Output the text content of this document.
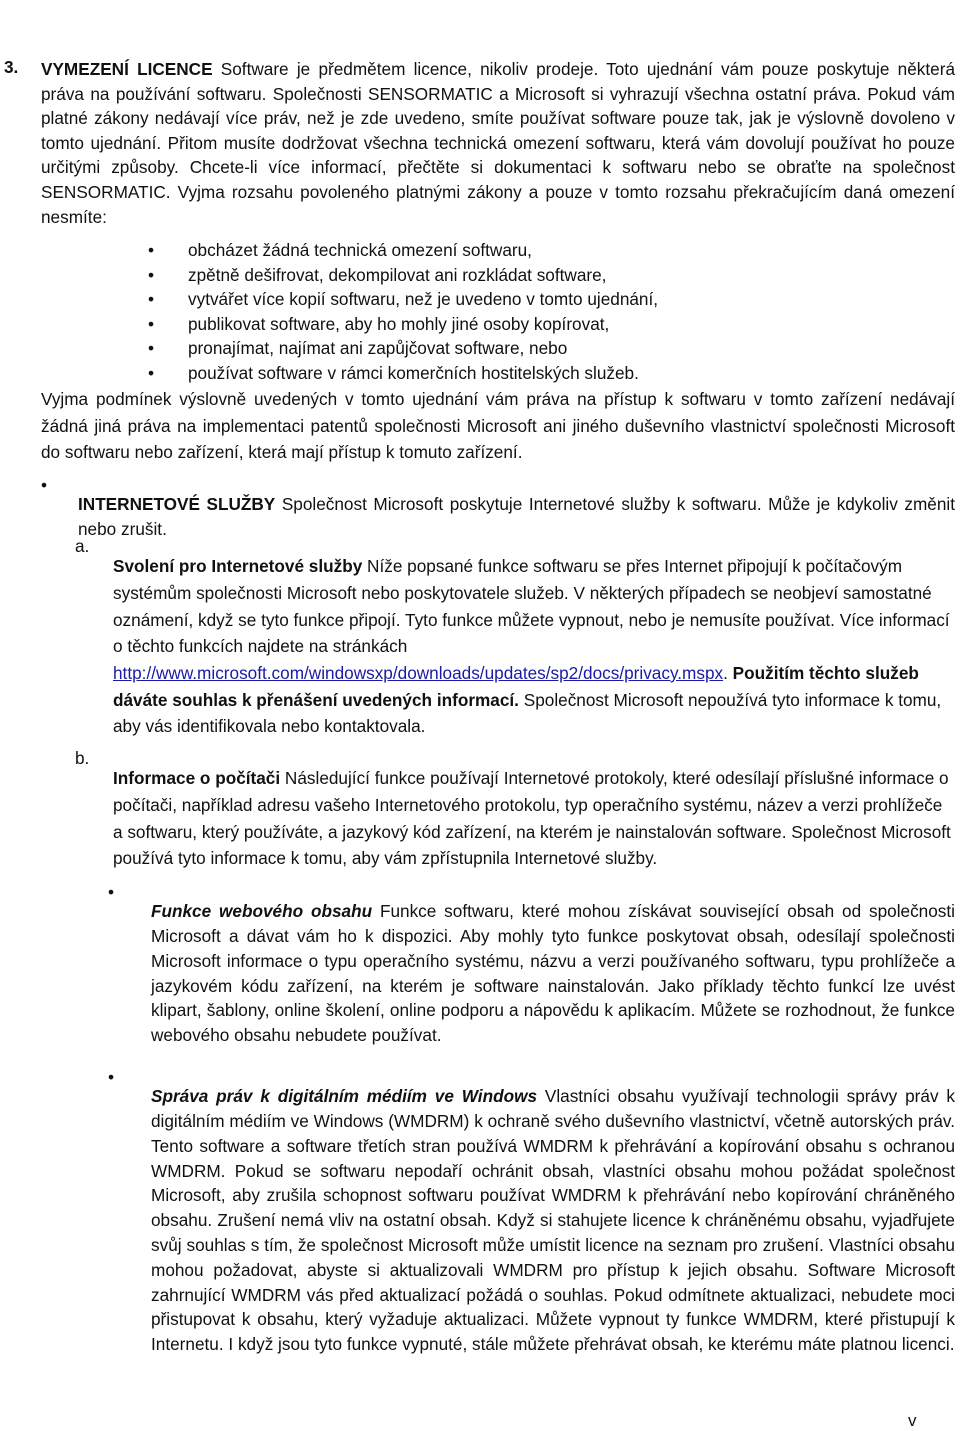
3. VYMEZENÍ LICENCE Software je předmětem licence, nikoliv prodeje. Toto ujednání vám pouze poskytuje některá práva na používání softwaru. Společnosti SENSORMATIC a Microsoft si vyhrazují všechna ostatní práva. Pokud vám platné zákony nedávají více práv, než je zde uvedeno, smíte používat software pouze tak, jak je výslovně dovoleno v tomto ujednání. Přitom musíte dodržovat všechna technická omezení softwaru, která vám dovolují používat ho pouze určitými způsoby. Chcete-li více informací, přečtěte si dokumentaci k softwaru nebo se obraťte na společnost SENSORMATIC. Vyjma rozsahu povoleného platnými zákony a pouze v tomto rozsahu překračujícím daná omezení nesmíte:

• obcházet žádná technická omezení softwaru,
• zpětně dešifrovat, dekompilovat ani rozkládat software,
• vytvářet více kopií softwaru, než je uvedeno v tomto ujednání,
• publikovat software, aby ho mohly jiné osoby kopírovat,
• pronajímat, najímat ani zapůjčovat software, nebo
• používat software v rámci komerčních hostitelských služeb.

Vyjma podmínek výslovně uvedených v tomto ujednání vám práva na přístup k softwaru v tomto zařízení nedávají žádná jiná práva na implementaci patentů společnosti Microsoft ani jiného duševního vlastnictví společnosti Microsoft do softwaru nebo zařízení, která mají přístup k tomuto zařízení.

•

INTERNETOVÉ SLUŽBY Společnost Microsoft poskytuje Internetové služby k softwaru. Může je kdykoliv změnit nebo zrušit.

a.

Svolení pro Internetové služby Níže popsané funkce softwaru se přes Internet připojují k počítačovým systémům společnosti Microsoft nebo poskytovatele služeb. V některých případech se neobjeví samostatné oznámení, když se tyto funkce připojí. Tyto funkce můžete vypnout, nebo je nemusíte používat. Více informací o těchto funkcích najdete na stránkách http://www.microsoft.com/windowsxp/downloads/updates/sp2/docs/privacy.mspx. Použitím těchto služeb dáváte souhlas k přenášení uvedených informací. Společnost Microsoft nepoužívá tyto informace k tomu, aby vás identifikovala nebo kontaktovala.

b.

Informace o počítači Následující funkce používají Internetové protokoly, které odesílají příslušné informace o počítači, například adresu vašeho Internetového protokolu, typ operačního systému, název a verzi prohlížeče a softwaru, který používáte, a jazykový kód zařízení, na kterém je nainstalován software. Společnost Microsoft používá tyto informace k tomu, aby vám zpřístupnila Internetové služby.

•

Funkce webového obsahu Funkce softwaru, které mohou získávat související obsah od společnosti Microsoft a dávat vám ho k dispozici. Aby mohly tyto funkce poskytovat obsah, odesílají společnosti Microsoft informace o typu operačního systému, názvu a verzi používaného softwaru, typu prohlížeče a jazykovém kódu zařízení, na kterém je software nainstalován. Jako příklady těchto funkcí lze uvést klipart, šablony, online školení, online podporu a nápovědu k aplikacím. Můžete se rozhodnout, že funkce webového obsahu nebudete používat.

•

Správa práv k digitálním médiím ve Windows Vlastníci obsahu využívají technologii správy práv k digitálním médiím ve Windows (WMDRM) k ochraně svého duševního vlastnictví, včetně autorských práv. Tento software a software třetích stran používá WMDRM k přehrávání a kopírování obsahu s ochranou WMDRM. Pokud se softwaru nepodaří ochránit obsah, vlastníci obsahu mohou požádat společnost Microsoft, aby zrušila schopnost softwaru používat WMDRM k přehrávání nebo kopírování chráněného obsahu. Zrušení nemá vliv na ostatní obsah. Když si stahujete licence k chráněnému obsahu, vyjadřujete svůj souhlas s tím, že společnost Microsoft může umístit licence na seznam pro zrušení. Vlastníci obsahu mohou požadovat, abyste si aktualizovali WMDRM pro přístup k jejich obsahu. Software Microsoft zahrnující WMDRM vás před aktualizací požádá o souhlas. Pokud odmítnete aktualizaci, nebudete moci přistupovat k obsahu, který vyžaduje aktualizaci. Můžete vypnout ty funkce WMDRM, které přistupují k Internetu. I když jsou tyto funkce vypnuté, stále můžete přehrávat obsah, ke kterému máte platnou licenci.

v
